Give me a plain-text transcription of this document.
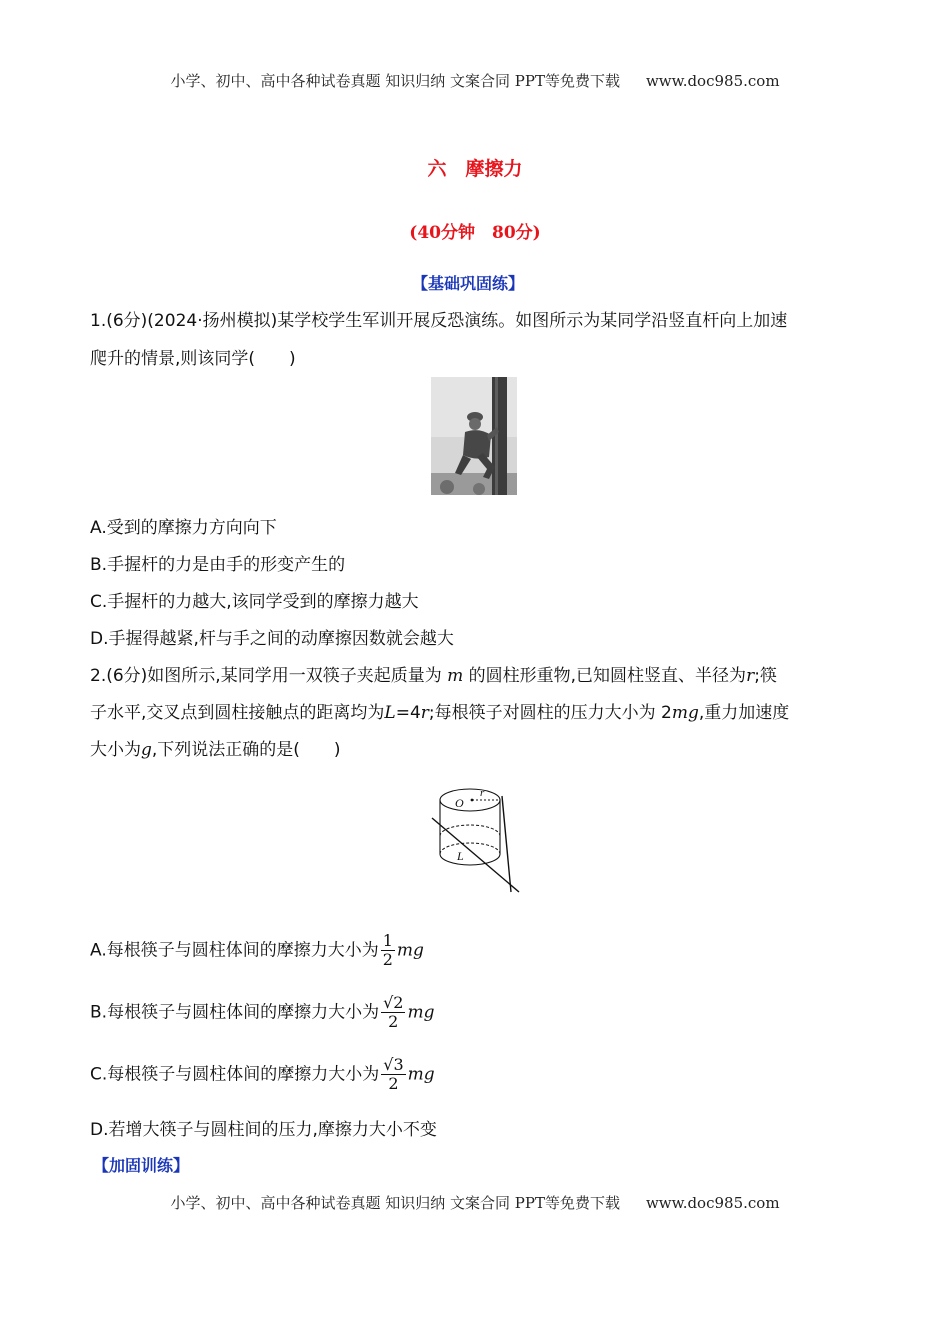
小学、初中、高中各种试卷真题 知识归纳 文案合同 PPT等免费下载 www.doc985.com
六　摩擦力
(40分钟　80分)
【基础巩固练】
1.(6分)(2024·扬州模拟)某学校学生军训开展反恐演练。如图所示为某同学沿竖直杆向上加速
爬升的情景,则该同学(　　)
A.受到的摩擦力方向向下
B.手握杆的力是由手的形变产生的
C.手握杆的力越大,该同学受到的摩擦力越大
D.手握得越紧,杆与手之间的动摩擦因数就会越大
2.(6分)如图所示,某同学用一双筷子夹起质量为 m 的圆柱形重物,已知圆柱竖直、半径为r;筷
子水平,交叉点到圆柱接触点的距离均为L=4r;每根筷子对圆柱的压力大小为 2mg,重力加速度
大小为g,下列说法正确的是(　　)
O
r
L
A.每根筷子与圆柱体间的摩擦力大小为 $\frac{1}{2}$ mg
B.每根筷子与圆柱体间的摩擦力大小为 $\frac{√2}{2}$ mg
C.每根筷子与圆柱体间的摩擦力大小为 $\frac{√3}{2}$ mg
D.若增大筷子与圆柱间的压力,摩擦力大小不变
【加固训练】
小学、初中、高中各种试卷真题 知识归纳 文案合同 PPT等免费下载 www.doc985.com
